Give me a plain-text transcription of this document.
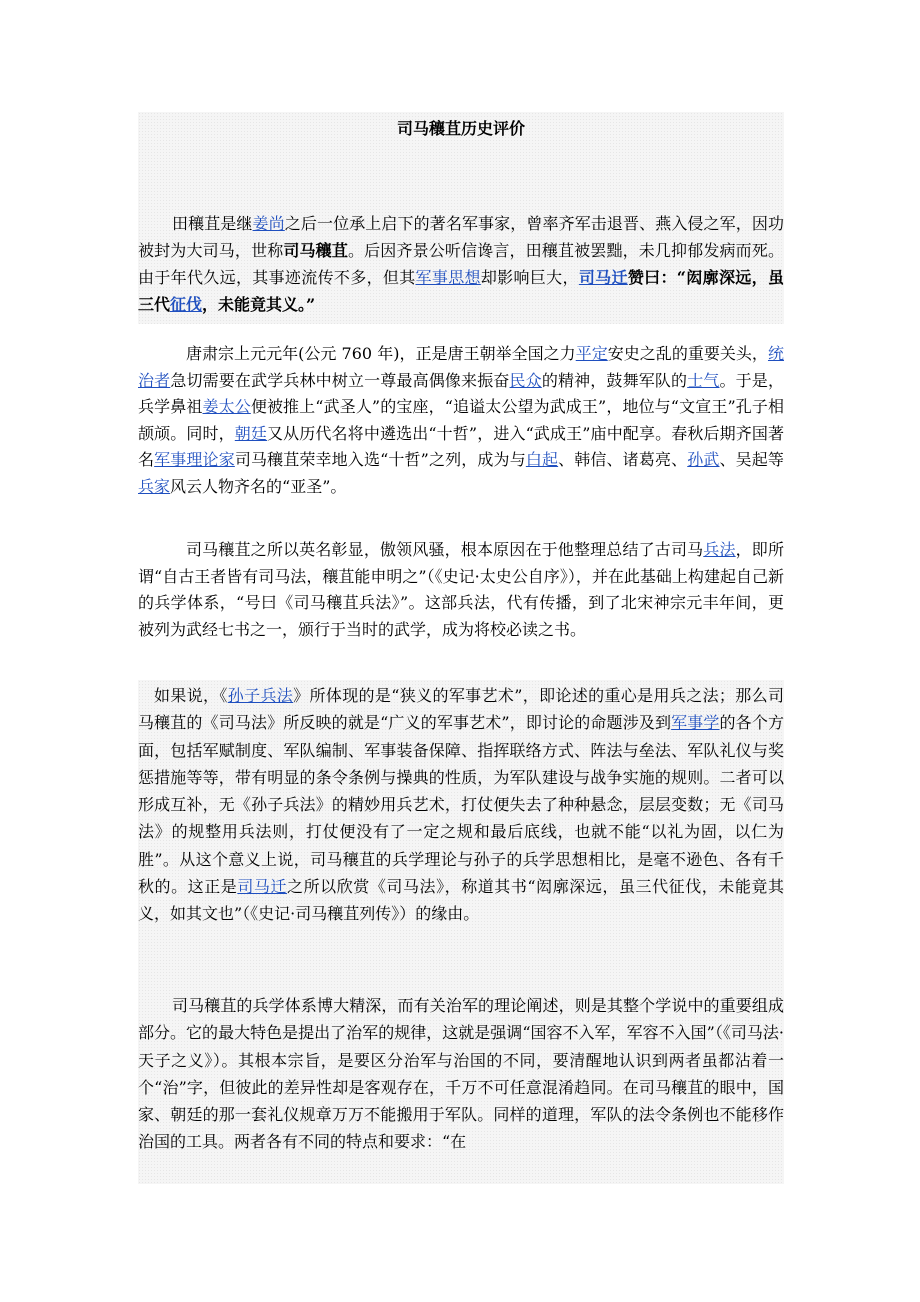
司马穰苴历史评价

田穰苴是继姜尚之后一位承上启下的著名军事家，曾率齐军击退晋、燕入侵之军，因功被封为大司马，世称司马穰苴。后因齐景公听信谗言，田穰苴被罢黜，未几抑郁发病而死。由于年代久远，其事迹流传不多，但其军事思想却影响巨大，司马迁赞曰：“闳廓深远，虽三代征伐，未能竟其义。”

唐肃宗上元元年(公元 760 年)，正是唐王朝举全国之力平定安史之乱的重要关头，统治者急切需要在武学兵林中树立一尊最高偶像来振奋民众的精神，鼓舞军队的士气。于是，兵学鼻祖姜太公便被推上“武圣人”的宝座，“追谥太公望为武成王”，地位与“文宣王”孔子相颉颃。同时，朝廷又从历代名将中遴选出“十哲”，进入“武成王”庙中配享。春秋后期齐国著名军事理论家司马穰苴荣幸地入选“十哲”之列，成为与白起、韩信、诸葛亮、孙武、吴起等兵家风云人物齐名的“亚圣”。

司马穰苴之所以英名彰显，傲领风骚，根本原因在于他整理总结了古司马兵法，即所谓“自古王者皆有司马法，穰苴能申明之”（《史记·太史公自序》），并在此基础上构建起自己新的兵学体系，“号曰《司马穰苴兵法》”。这部兵法，代有传播，到了北宋神宗元丰年间，更被列为武经七书之一，颁行于当时的武学，成为将校必读之书。

如果说，《孙子兵法》所体现的是“狭义的军事艺术”，即论述的重心是用兵之法；那么司马穰苴的《司马法》所反映的就是“广义的军事艺术”，即讨论的命题涉及到军事学的各个方面，包括军赋制度、军队编制、军事装备保障、指挥联络方式、阵法与垒法、军队礼仪与奖惩措施等等，带有明显的条令条例与操典的性质，为军队建设与战争实施的规则。二者可以形成互补，无《孙子兵法》的精妙用兵艺术，打仗便失去了种种悬念，层层变数；无《司马法》的规整用兵法则，打仗便没有了一定之规和最后底线，也就不能“以礼为固，以仁为胜”。从这个意义上说，司马穰苴的兵学理论与孙子的兵学思想相比，是毫不逊色、各有千秋的。这正是司马迁之所以欣赏《司马法》，称道其书“闳廓深远，虽三代征伐，未能竟其义，如其文也”（《史记·司马穰苴列传》）的缘由。

司马穰苴的兵学体系博大精深，而有关治军的理论阐述，则是其整个学说中的重要组成部分。它的最大特色是提出了治军的规律，这就是强调“国容不入军，军容不入国”（《司马法·天子之义》）。其根本宗旨，是要区分治军与治国的不同，要清醒地认识到两者虽都沾着一个“治”字，但彼此的差异性却是客观存在，千万不可任意混淆趋同。在司马穰苴的眼中，国家、朝廷的那一套礼仪规章万万不能搬用于军队。同样的道理，军队的法令条例也不能移作治国的工具。两者各有不同的特点和要求：“在
